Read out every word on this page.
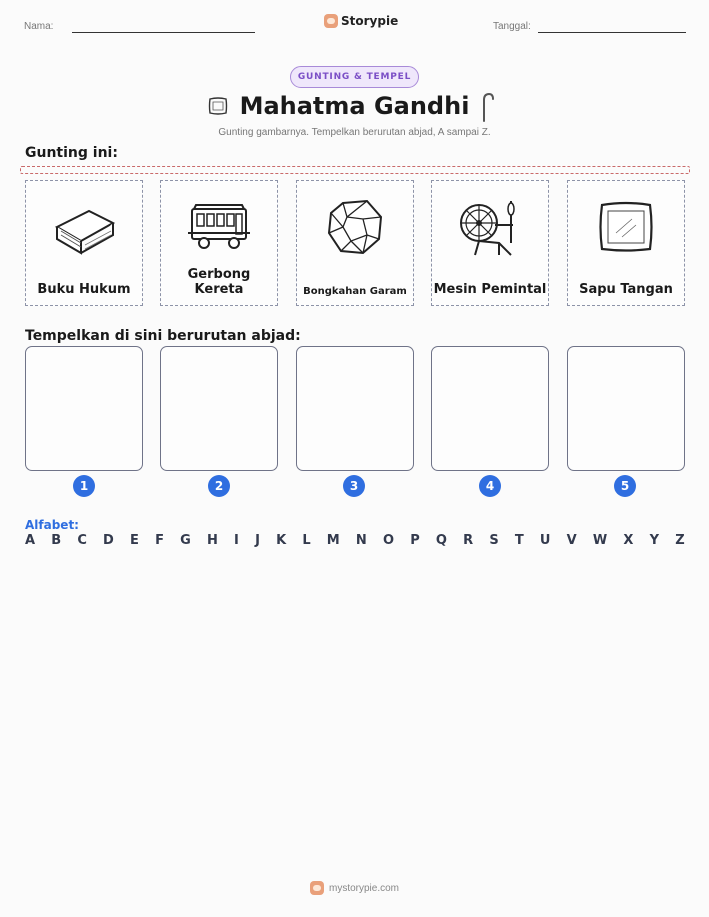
Nama:	Storypie	Tanggal:
GUNTING & TEMPEL
Mahatma Gandhi
Gunting gambarnya. Tempelkan berurutan abjad, A sampai Z.
Gunting ini:
Buku Hukum
Gerbong Kereta	Bongkahan Garam	Mesin Pemintal	Sapu Tangan
Tempelkan di sini berurutan abjad:
1	2	3	4	5
Alfabet:
A B C D E F G H I J K L M N O P Q R S T U V W X Y Z
mystorypie.com
